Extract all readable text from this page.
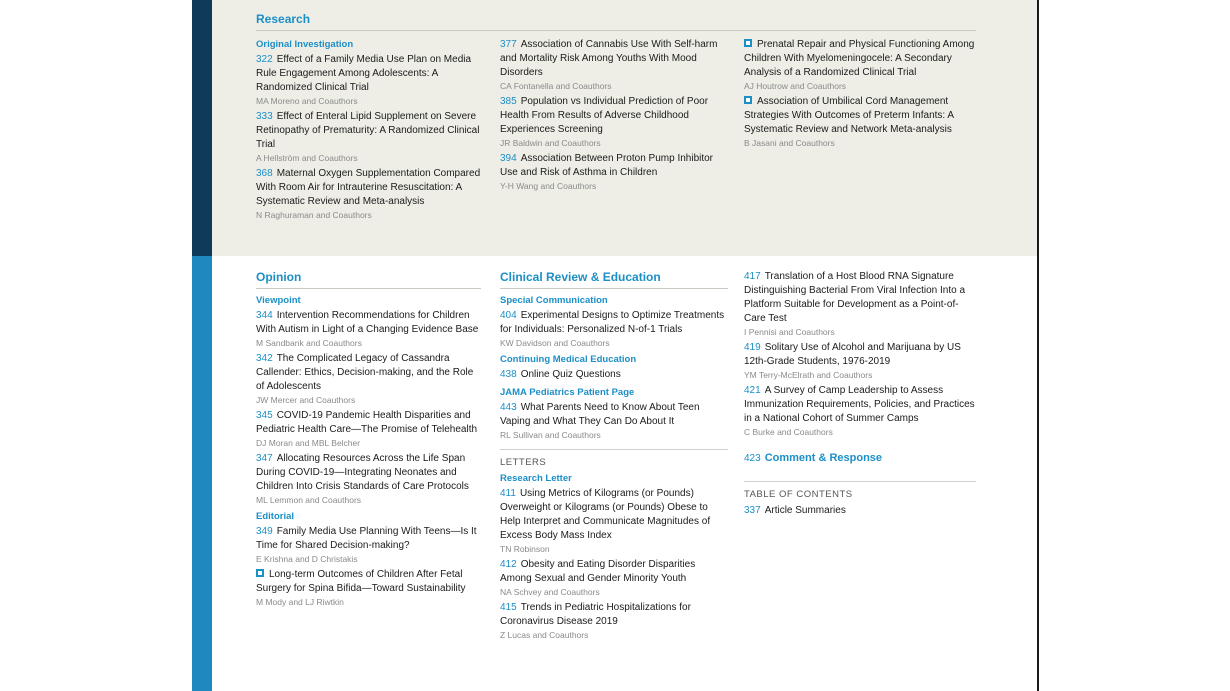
Research
Original Investigation
322 Effect of a Family Media Use Plan on Media Rule Engagement Among Adolescents: A Randomized Clinical Trial
MA Moreno and Coauthors
333 Effect of Enteral Lipid Supplement on Severe Retinopathy of Prematurity: A Randomized Clinical Trial
A Hellström and Coauthors
368 Maternal Oxygen Supplementation Compared With Room Air for Intrauterine Resuscitation: A Systematic Review and Meta-analysis
N Raghuraman and Coauthors
377 Association of Cannabis Use With Self-harm and Mortality Risk Among Youths With Mood Disorders
CA Fontanella and Coauthors
385 Population vs Individual Prediction of Poor Health From Results of Adverse Childhood Experiences Screening
JR Baldwin and Coauthors
394 Association Between Proton Pump Inhibitor Use and Risk of Asthma in Children
Y-H Wang and Coauthors
Prenatal Repair and Physical Functioning Among Children With Myelomeningocele: A Secondary Analysis of a Randomized Clinical Trial
AJ Houtrow and Coauthors
Association of Umbilical Cord Management Strategies With Outcomes of Preterm Infants: A Systematic Review and Network Meta-analysis
B Jasani and Coauthors
Opinion
Viewpoint
344 Intervention Recommendations for Children With Autism in Light of a Changing Evidence Base
M Sandbank and Coauthors
342 The Complicated Legacy of Cassandra Callender: Ethics, Decision-making, and the Role of Adolescents
JW Mercer and Coauthors
345 COVID-19 Pandemic Health Disparities and Pediatric Health Care—The Promise of Telehealth
DJ Moran and MBL Belcher
347 Allocating Resources Across the Life Span During COVID-19—Integrating Neonates and Children Into Crisis Standards of Care Protocols
ML Lemmon and Coauthors
Editorial
349 Family Media Use Planning With Teens—Is It Time for Shared Decision-making?
E Krishna and D Christakis
Long-term Outcomes of Children After Fetal Surgery for Spina Bifida—Toward Sustainability
M Mody and LJ Riwtkin
Clinical Review & Education
Special Communication
404 Experimental Designs to Optimize Treatments for Individuals: Personalized N-of-1 Trials
KW Davidson and Coauthors
Continuing Medical Education
438 Online Quiz Questions
JAMA Pediatrics Patient Page
443 What Parents Need to Know About Teen Vaping and What They Can Do About It
RL Sullivan and Coauthors
LETTERS
Research Letter
411 Using Metrics of Kilograms (or Pounds) Overweight or Kilograms (or Pounds) Obese to Help Interpret and Communicate Magnitudes of Excess Body Mass Index
TN Robinson
412 Obesity and Eating Disorder Disparities Among Sexual and Gender Minority Youth
NA Schvey and Coauthors
415 Trends in Pediatric Hospitalizations for Coronavirus Disease 2019
Z Lucas and Coauthors
417 Translation of a Host Blood RNA Signature Distinguishing Bacterial From Viral Infection Into a Platform Suitable for Development as a Point-of-Care Test
I Pennisi and Coauthors
419 Solitary Use of Alcohol and Marijuana by US 12th-Grade Students, 1976-2019
YM Terry-McElrath and Coauthors
421 A Survey of Camp Leadership to Assess Immunization Requirements, Policies, and Practices in a National Cohort of Summer Camps
C Burke and Coauthors
423 Comment & Response
TABLE OF CONTENTS
337 Article Summaries
